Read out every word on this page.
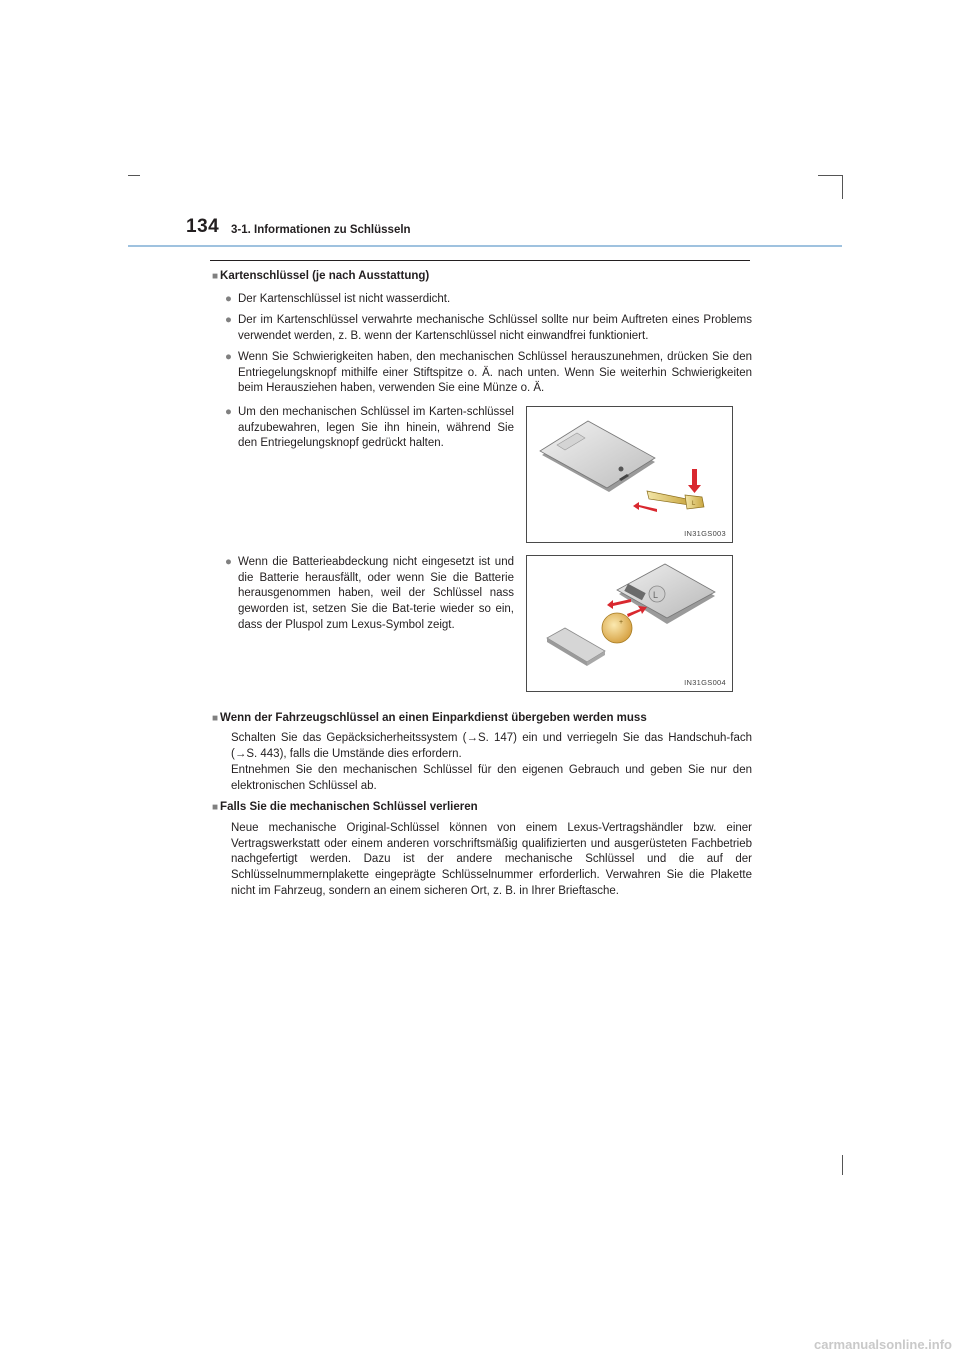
134 3-1. Informationen zu Schlüsseln
■ Kartenschlüssel (je nach Ausstattung)
● Der Kartenschlüssel ist nicht wasserdicht.
● Der im Kartenschlüssel verwahrte mechanische Schlüssel sollte nur beim Auftreten eines Problems verwendet werden, z. B. wenn der Kartenschlüssel nicht einwandfrei funktioniert.
● Wenn Sie Schwierigkeiten haben, den mechanischen Schlüssel herauszunehmen, drücken Sie den Entriegelungsknopf mithilfe einer Stiftspitze o. Ä. nach unten. Wenn Sie weiterhin Schwierigkeiten beim Herausziehen haben, verwenden Sie eine Münze o. Ä.
● Um den mechanischen Schlüssel im Karten-schlüssel aufzubewahren, legen Sie ihn hinein, während Sie den Entriegelungsknopf gedrückt halten.
L
IN31GS003
● Wenn die Batterieabdeckung nicht eingesetzt ist und die Batterie herausfällt, oder wenn Sie die Batterie herausgenommen haben, weil der Schlüssel nass geworden ist, setzen Sie die Bat-terie wieder so ein, dass der Pluspol zum Lexus-Symbol zeigt.
L
+
IN31GS004
■ Wenn der Fahrzeugschlüssel an einen Einparkdienst übergeben werden muss
Schalten Sie das Gepäcksicherheitssystem (→S. 147) ein und verriegeln Sie das Handschuh-fach (→S. 443), falls die Umstände dies erfordern.
Entnehmen Sie den mechanischen Schlüssel für den eigenen Gebrauch und geben Sie nur den elektronischen Schlüssel ab.
■ Falls Sie die mechanischen Schlüssel verlieren
Neue mechanische Original-Schlüssel können von einem Lexus-Vertragshändler bzw. einer Vertragswerkstatt oder einem anderen vorschriftsmäßig qualifizierten und ausgerüsteten Fachbetrieb nachgefertigt werden. Dazu ist der andere mechanische Schlüssel und die auf der Schlüsselnummernplakette eingeprägte Schlüsselnummer erforderlich. Verwahren Sie die Plakette nicht im Fahrzeug, sondern an einem sicheren Ort, z. B. in Ihrer Brieftasche.
carmanualsonline.info
